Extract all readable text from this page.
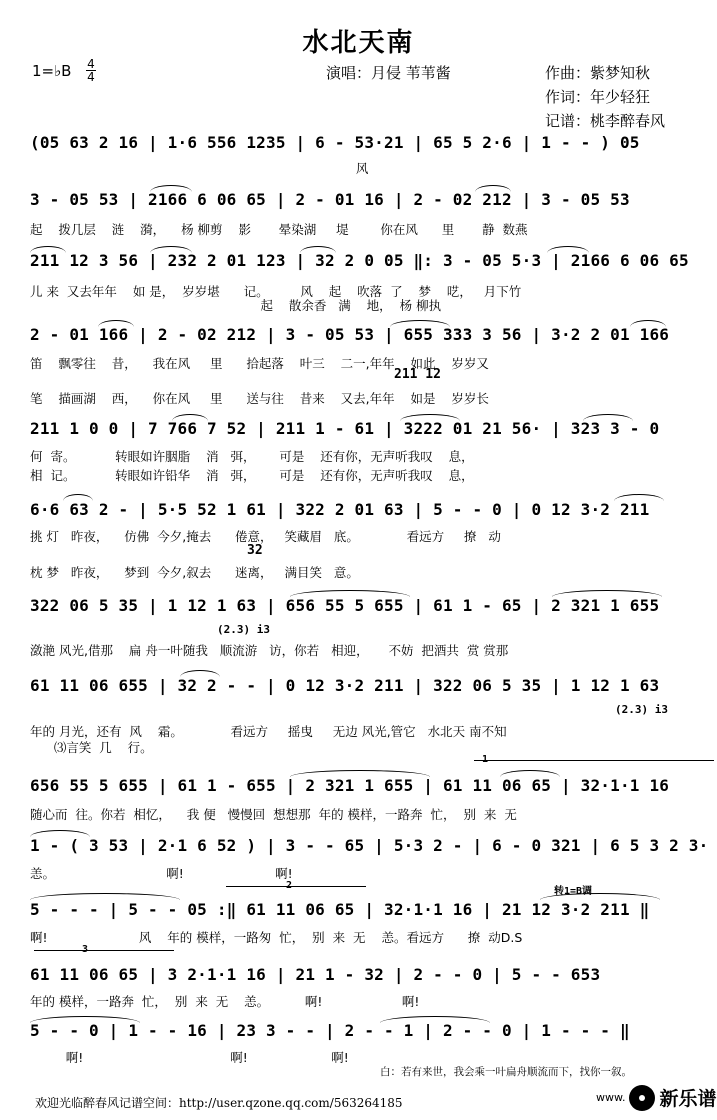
水北天南
1=♭B 4
4	演唱：月侵 苇苇酱	作曲：紫梦知秋
作词：年少轻狂
记谱：桃李醉春风
(05 63 2 16 | 1·6 556 1235 | 6 - 53·21 | 65 5 2·6 | 1 - - ) 05
风
3 - 05 53 | 2166 6 06 65 | 2 - 01 16 | 2 - 02 212 | 3 - 05 53
起    拨几层    涟    漪，    杨 柳剪    影       晕染湖     堤        你在风      里       静  数燕
211 12 3 56 | 232 2 01 123 | 32 2 0 05 ‖: 3 - 05 5·3 | 2166 6 06 65
儿 来  又去年年    如 是，  岁岁堪      记。        风    起    吹落  了    梦    呓，   月下竹
起    散余香   满    地，  杨 柳执
2 - 01 166 | 2 - 02 212 | 3 - 05 53 | 655 333 3 56 | 3·2 2 01 166
笛    飘零往    昔，    我在风     里      拾起落    叶三    二一,年年    如此    岁岁又
笔    描画湖    西，    你在风     里      送与往    昔来    又去,年年    如是    岁岁长
211 12
211 1 0 0 | 7 766 7 52 | 211 1 - 61 | 3222 01 21 56· | 323 3 - 0
何  寄。          转眼如许胭脂    消   弭，      可是    还有你，无声听我叹    息，
相  记。          转眼如许铅华    消   弭，      可是    还有你，无声听我叹    息，
6·6 63 2 - | 5·5 52 1 61 | 322 2 01 63 | 5 - - 0 | 0 12 3·2 211
挑 灯   昨夜，    仿佛  今夕,掩去      倦意，   笑藏眉   底。            看远方     撩   动
枕 梦   昨夜，    梦到  今夕,叙去      迷离，   满目笑   意。
32
322 06 5 35 | 1 12 1 63 | 656 55 5 655 | 61 1 - 65 | 2 321 1 655
(2.3) i3
潋滟 风光,借那    扁 舟一叶随我   顺流游   访，你若   相迎，     不妨  把酒共  赏 赏那
61 11 06 655 | 32 2 - - | 0 12 3·2 211 | 322 06 5 35 | 1 12 1 63
(2.3) i3
年的 月光，还有  风    霜。            看远方     摇曳     无边 风光,管它   水北天 南不知
⑶言笑  几    行。
1
656 55 5 655 | 61 1 - 655 | 2 321 1 655 | 61 11 06 65 | 32·1·1 16
随心而  往。你若  相忆，    我 便   慢慢回  想想那  年的 模样，一路奔  忙，  别  来  无
1 - ( 3 53 | 2·1 6 52 ) | 3 - - 65 | 5·3 2 - | 6 - 0 321 | 6 5 3 2 3·
恙。                            啊!                       啊!
2
转1=B调
5 - - - | 5 - - 05 :‖ 61 11 06 65 | 32·1·1 16 | 21 12 3·2 211 ‖
啊!                       风    年的 模样，一路匆  忙，  别  来  无    恙。看远方      撩  动D.S
3
61 11 06 65 | 3 2·1·1 16 | 21 1 - 32 | 2 - - 0 | 5 - - 653
年的 模样，一路奔  忙，  别  来  无    恙。         啊!                    啊!
5 - - 0 | 1 - - 16 | 23 3 - - | 2 - - 1 | 2 - - 0 | 1 - - - ‖
啊!                                     啊!                     啊!
白：若有来世，我会乘一叶扁舟顺流而下，找你一叙。
欢迎光临醉春风记谱空间：http://user.qzone.qq.com/563264185	www. 新乐谱
